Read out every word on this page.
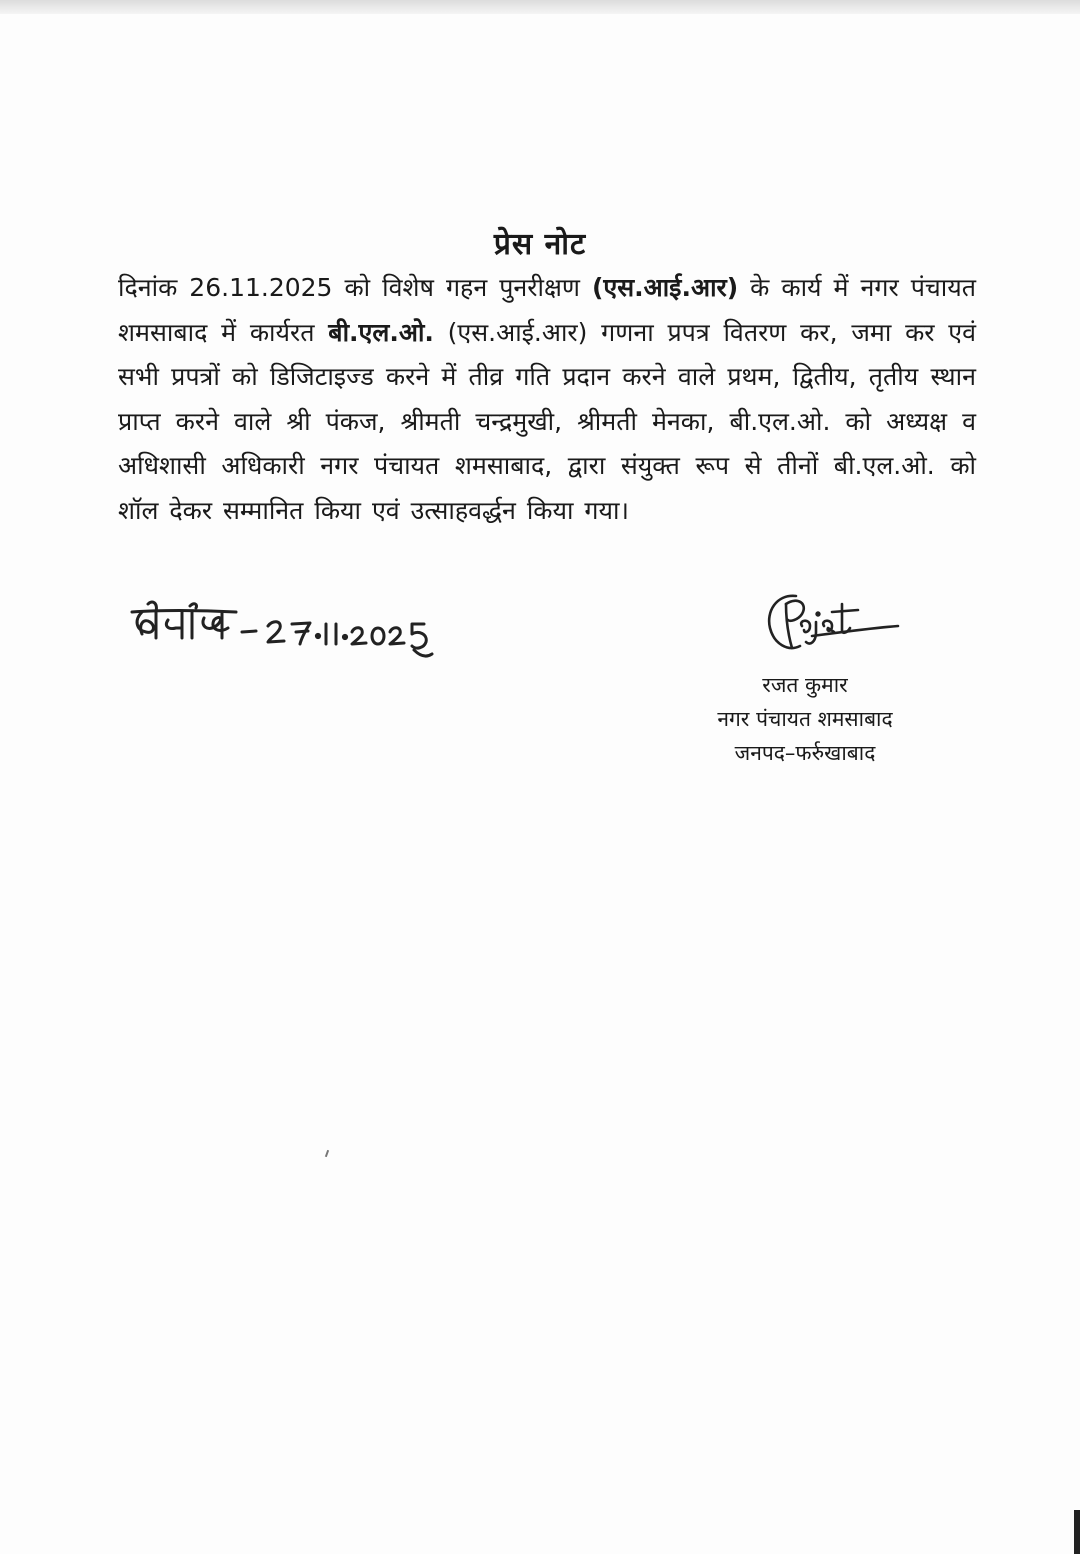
प्रेस नोट
दिनांक 26.11.2025 को विशेष गहन पुनरीक्षण (एस.आई.आर) के कार्य में नगर पंचायत शमसाबाद में कार्यरत बी.एल.ओ. (एस.आई.आर) गणना प्रपत्र वितरण कर, जमा कर एवं सभी प्रपत्रों को डिजिटाइज्ड करने में तीव्र गति प्रदान करने वाले प्रथम, द्वितीय, तृतीय स्थान प्राप्त करने वाले श्री पंकज, श्रीमती चन्द्रमुखी, श्रीमती मेनका, बी.एल.ओ. को अध्यक्ष व अधिशासी अधिकारी नगर पंचायत शमसाबाद, द्वारा संयुक्त रूप से तीनों बी.एल.ओ. को शॉल देकर सम्मानित किया एवं उत्साहवर्द्धन किया गया।
रजत कुमार
नगर पंचायत शमसाबाद
जनपद–फर्रुखाबाद
